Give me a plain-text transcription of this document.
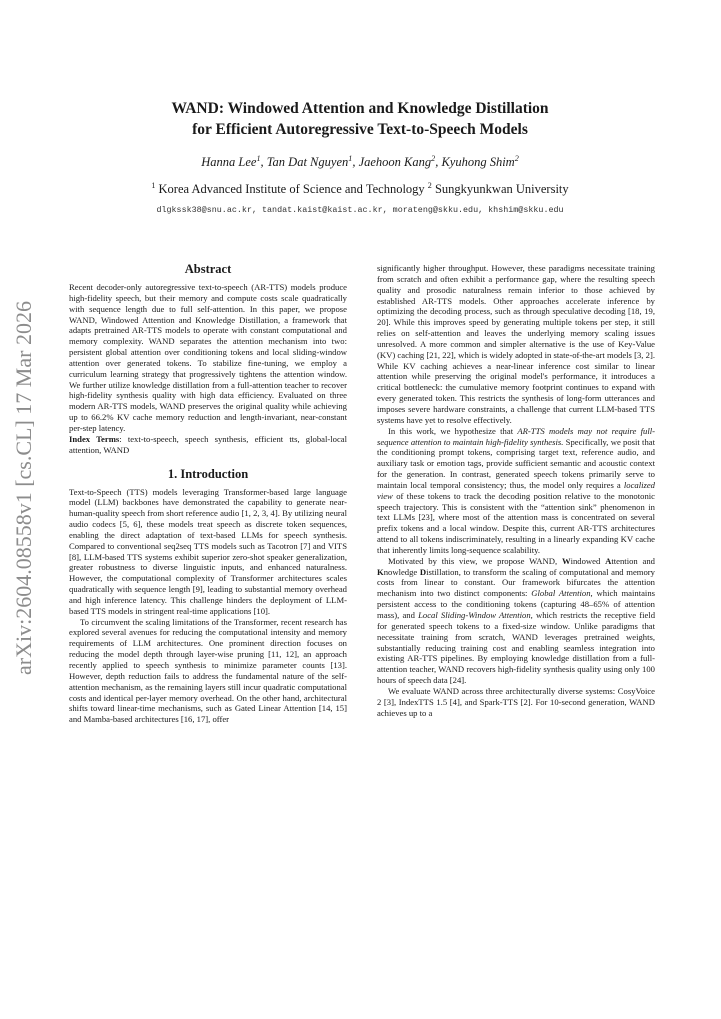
arXiv:2604.08558v1 [cs.CL] 17 Mar 2026
WAND: Windowed Attention and Knowledge Distillation
for Efficient Autoregressive Text-to-Speech Models
Hanna Lee$^1$, Tan Dat Nguyen$^1$, Jaehoon Kang$^2$, Kyuhong Shim$^2$
$^1$ Korea Advanced Institute of Science and Technology $^2$ Sungkyunkwan University
dlgkssk38@snu.ac.kr, tandat.kaist@kaist.ac.kr, morateng@skku.edu, khshim@skku.edu
Abstract

Recent decoder-only autoregressive text-to-speech (AR-TTS) models produce high-fidelity speech, but their memory and compute costs scale quadratically with sequence length due to full self-attention. In this paper, we propose WAND, Windowed Attention and Knowledge Distillation, a framework that adapts pretrained AR-TTS models to operate with constant computational and memory complexity. WAND separates the attention mechanism into two: persistent global attention over conditioning tokens and local sliding-window attention over generated tokens. To stabilize fine-tuning, we employ a curriculum learning strategy that progressively tightens the attention window. We further utilize knowledge distillation from a full-attention teacher to recover high-fidelity synthesis quality with high data efficiency. Evaluated on three modern AR-TTS models, WAND preserves the original quality while achieving up to 66.2% KV cache memory reduction and length-invariant, near-constant per-step latency.

Index Terms: text-to-speech, speech synthesis, efficient tts, global-local attention, WAND

1. Introduction

Text-to-Speech (TTS) models leveraging Transformer-based large language model (LLM) backbones have demonstrated the capability to generate near-human-quality speech from short reference audio [1, 2, 3, 4]. By utilizing neural audio codecs [5, 6], these models treat speech as discrete token sequences, enabling the direct adaptation of text-based LLMs for speech synthesis. Compared to conventional seq2seq TTS models such as Tacotron [7] and VITS [8], LLM-based TTS systems exhibit superior zero-shot speaker generalization, greater robustness to diverse linguistic inputs, and enhanced naturalness. However, the computational complexity of Transformer architectures scales quadratically with sequence length [9], leading to substantial memory overhead and high inference latency. This challenge hinders the deployment of LLM-based TTS models in stringent real-time applications [10].

To circumvent the scaling limitations of the Transformer, recent research has explored several avenues for reducing the computational intensity and memory requirements of LLM architectures. One prominent direction focuses on reducing the model depth through layer-wise pruning [11, 12], an approach recently applied to speech synthesis to minimize parameter counts [13]. However, depth reduction fails to address the fundamental nature of the self-attention mechanism, as the remaining layers still incur quadratic computational costs and identical per-layer memory overhead. On the other hand, architectural shifts toward linear-time mechanisms, such as Gated Linear Attention [14, 15] and Mamba-based architectures [16, 17], offer

significantly higher throughput. However, these paradigms necessitate training from scratch and often exhibit a performance gap, where the resulting speech quality and prosodic naturalness remain inferior to those achieved by established AR-TTS models. Other approaches accelerate inference by optimizing the decoding process, such as through speculative decoding [18, 19, 20]. While this improves speed by generating multiple tokens per step, it still relies on self-attention and leaves the underlying memory scaling issues unresolved. A more common and simpler alternative is the use of Key-Value (KV) caching [21, 22], which is widely adopted in state-of-the-art models [3, 2]. While KV caching achieves a near-linear inference cost similar to linear attention while preserving the original model's performance, it introduces a critical bottleneck: the cumulative memory footprint continues to expand with every generated token. This restricts the synthesis of long-form utterances and imposes severe hardware constraints, a challenge that current LLM-based TTS systems have yet to resolve effectively.

In this work, we hypothesize that AR-TTS models may not require full-sequence attention to maintain high-fidelity synthesis. Specifically, we posit that the conditioning prompt tokens, comprising target text, reference audio, and auxiliary task or emotion tags, provide sufficient semantic and acoustic context for the generation. In contrast, generated speech tokens primarily serve to maintain local temporal consistency; thus, the model only requires a localized view of these tokens to track the decoding position relative to the monotonic speech trajectory. This is consistent with the “attention sink” phenomenon in text LLMs [23], where most of the attention mass is concentrated on several prefix tokens and a local window. Despite this, current AR-TTS architectures attend to all tokens indiscriminately, resulting in a linearly expanding KV cache that inherently limits long-sequence scalability.

Motivated by this view, we propose WAND, Windowed Attention and Knowledge Distillation, to transform the scaling of computational and memory costs from linear to constant. Our framework bifurcates the attention mechanism into two distinct components: Global Attention, which maintains persistent access to the conditioning tokens (capturing 48–65% of attention mass), and Local Sliding-Window Attention, which restricts the receptive field for generated speech tokens to a fixed-size window. Unlike paradigms that necessitate training from scratch, WAND leverages pretrained weights, substantially reducing training cost and enabling seamless integration into existing AR-TTS pipelines. By employing knowledge distillation from a full-attention teacher, WAND recovers high-fidelity synthesis quality using only 100 hours of speech data [24].

We evaluate WAND across three architecturally diverse systems: CosyVoice 2 [3], IndexTTS 1.5 [4], and Spark-TTS [2]. For 10-second generation, WAND achieves up to a
